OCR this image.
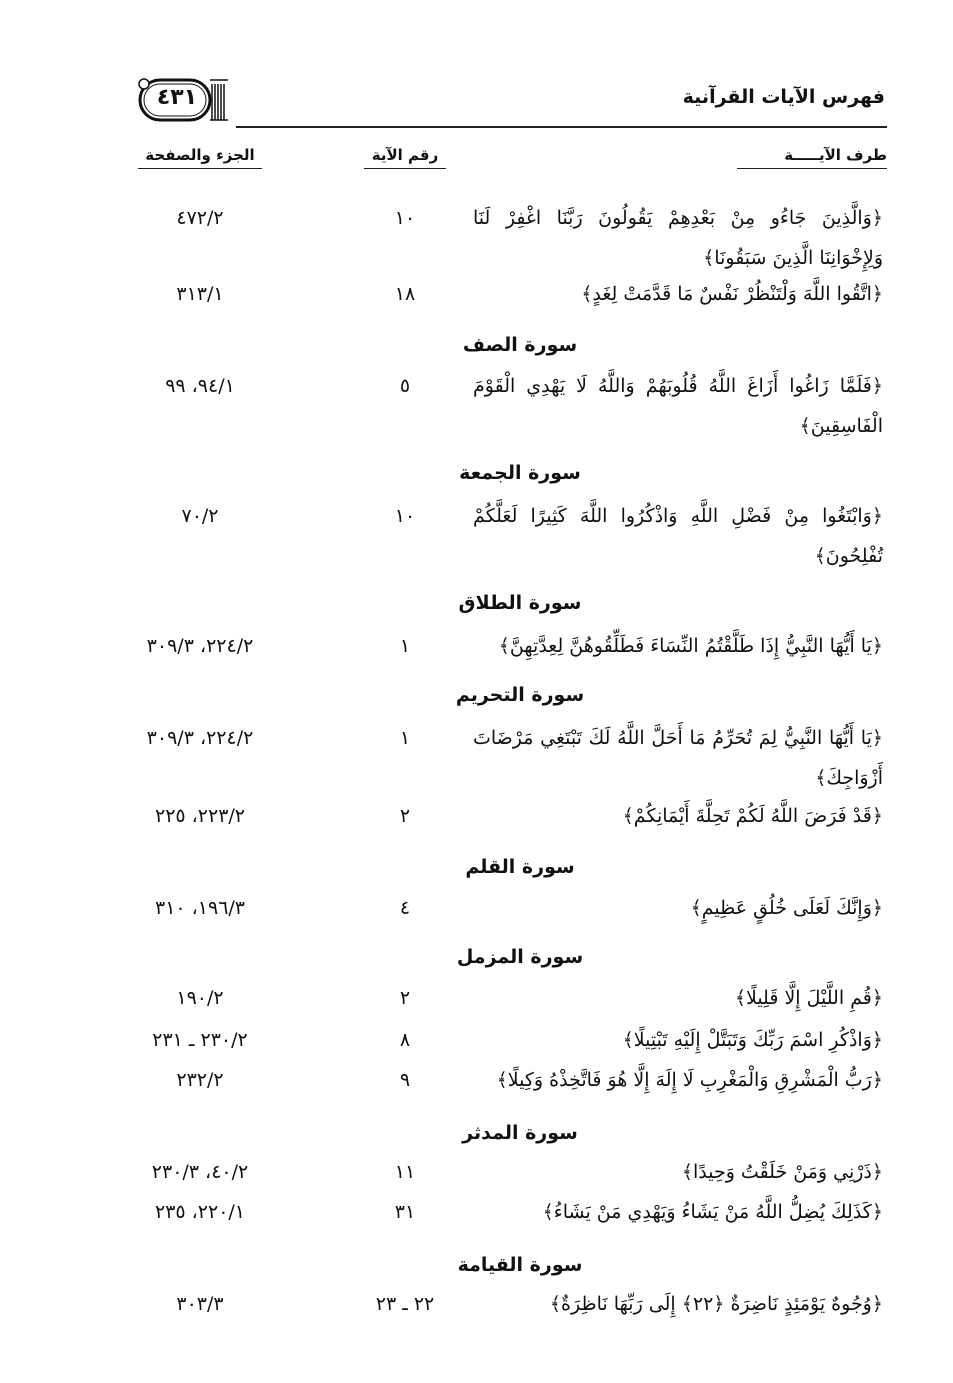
فهرس الآيات القرآنية
٤٣١
طرف الآيـــــة
رقم الآية
الجزء والصفحة
﴿وَالَّذِينَ جَاءُو مِنْ بَعْدِهِمْ يَقُولُونَ رَبَّنَا اغْفِرْ لَنَا وَلِإِخْوَانِنَا الَّذِينَ سَبَقُونَا﴾
١٠
٤٧٢/٢
﴿اتَّقُوا اللَّهَ وَلْتَنْظُرْ نَفْسٌ مَا قَدَّمَتْ لِغَدٍ﴾
١٨
٣١٣/١
سورة الصف
﴿فَلَمَّا زَاغُوا أَزَاغَ اللَّهُ قُلُوبَهُمْ وَاللَّهُ لَا يَهْدِي الْقَوْمَ الْفَاسِقِينَ﴾
٥
٩٤/١، ٩٩
سورة الجمعة
﴿وَابْتَغُوا مِنْ فَضْلِ اللَّهِ وَاذْكُرُوا اللَّهَ كَثِيرًا لَعَلَّكُمْ تُفْلِحُونَ﴾
١٠
٧٠/٢
سورة الطلاق
﴿يَا أَيُّهَا النَّبِيُّ إِذَا طَلَّقْتُمُ النِّسَاءَ فَطَلِّقُوهُنَّ لِعِدَّتِهِنَّ﴾
١
٢٢٤/٢، ٣٠٩/٣
سورة التحريم
﴿يَا أَيُّهَا النَّبِيُّ لِمَ تُحَرِّمُ مَا أَحَلَّ اللَّهُ لَكَ تَبْتَغِي مَرْضَاتَ أَزْوَاجِكَ﴾
١
٢٢٤/٢، ٣٠٩/٣
﴿قَدْ فَرَضَ اللَّهُ لَكُمْ تَحِلَّةَ أَيْمَانِكُمْ﴾
٢
٢٢٣/٢، ٢٢٥
سورة القلم
﴿وَإِنَّكَ لَعَلَى خُلُقٍ عَظِيمٍ﴾
٤
١٩٦/٣، ٣١٠
سورة المزمل
﴿قُمِ اللَّيْلَ إِلَّا قَلِيلًا﴾
٢
١٩٠/٢
﴿وَاذْكُرِ اسْمَ رَبِّكَ وَتَبَتَّلْ إِلَيْهِ تَبْتِيلًا﴾
٨
٢٣٠/٢ ـ ٢٣١
﴿رَبُّ الْمَشْرِقِ وَالْمَغْرِبِ لَا إِلَهَ إِلَّا هُوَ فَاتَّخِذْهُ وَكِيلًا﴾
٩
٢٣٢/٢
سورة المدثر
﴿ذَرْنِي وَمَنْ خَلَقْتُ وَحِيدًا﴾
١١
٤٠/٢، ٢٣٠/٣
﴿كَذَلِكَ يُضِلُّ اللَّهُ مَنْ يَشَاءُ وَيَهْدِي مَنْ يَشَاءُ﴾
٣١
٢٢٠/١، ٢٣٥
سورة القيامة
﴿وُجُوهٌ يَوْمَئِذٍ نَاضِرَةٌ ﴿٢٢﴾ إِلَى رَبِّهَا نَاظِرَةٌ﴾
٢٢ ـ ٢٣
٣٠٣/٣
